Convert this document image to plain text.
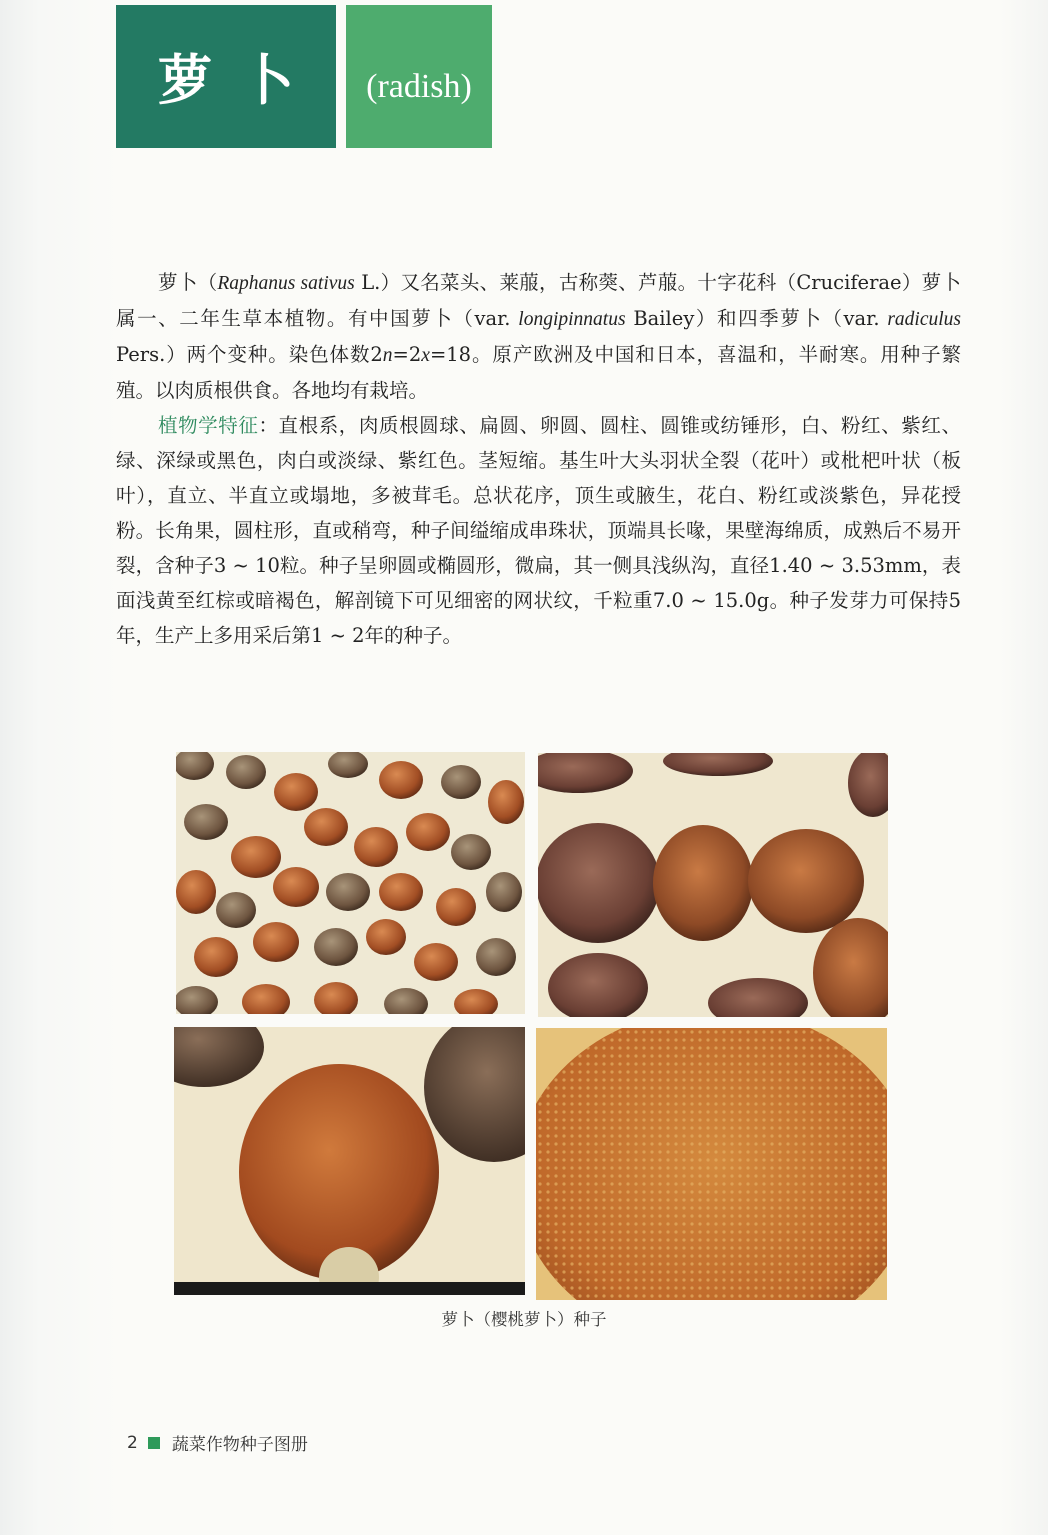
萝卜 (radish)

萝卜（Raphanus sativus L.）又名菜头、莱菔，古称葖、芦菔。十字花科（Cruciferae）萝卜属一、二年生草本植物。有中国萝卜（var. longipinnatus Bailey）和四季萝卜（var. radiculus Pers.）两个变种。染色体数2n=2x=18。原产欧洲及中国和日本，喜温和，半耐寒。用种子繁殖。以肉质根供食。各地均有栽培。

植物学特征：直根系，肉质根圆球、扁圆、卵圆、圆柱、圆锥或纺锤形，白、粉红、紫红、绿、深绿或黑色，肉白或淡绿、紫红色。茎短缩。基生叶大头羽状全裂（花叶）或枇杷叶状（板叶），直立、半直立或塌地，多被茸毛。总状花序，顶生或腋生，花白、粉红或淡紫色，异花授粉。长角果，圆柱形，直或稍弯，种子间缢缩成串珠状，顶端具长喙，果壁海绵质，成熟后不易开裂，含种子3 ~ 10粒。种子呈卵圆或椭圆形，微扁，其一侧具浅纵沟，直径1.40 ~ 3.53mm，表面浅黄至红棕或暗褐色，解剖镜下可见细密的网状纹，千粒重7.0 ~ 15.0g。种子发芽力可保持5年，生产上多用采后第1 ~ 2年的种子。

萝卜（樱桃萝卜）种子
2 蔬菜作物种子图册
